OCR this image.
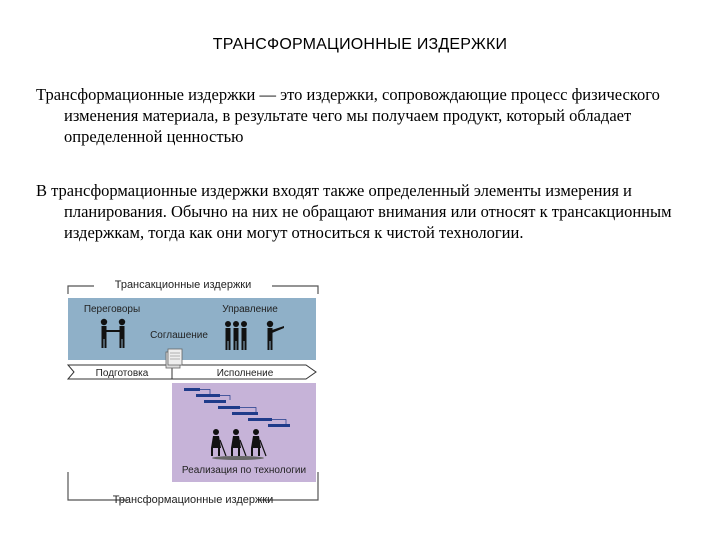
ТРАНСФОРМАЦИОННЫЕ ИЗДЕРЖКИ
Трансформационные издержки — это издержки, сопровождающие процесс физического изменения материала, в результате чего мы получаем продукт, который обладает определенной ценностью
В трансформационные издержки входят также определенный элементы измерения и планирования. Обычно на них не обращают внимания или относят к трансакционным издержкам, тогда как они могут относиться к чистой технологии.
Трансакционные издержки
Переговоры
Соглашение
Управление
Подготовка	Исполнение
Реализация по технологии
Трансформационные издержки
